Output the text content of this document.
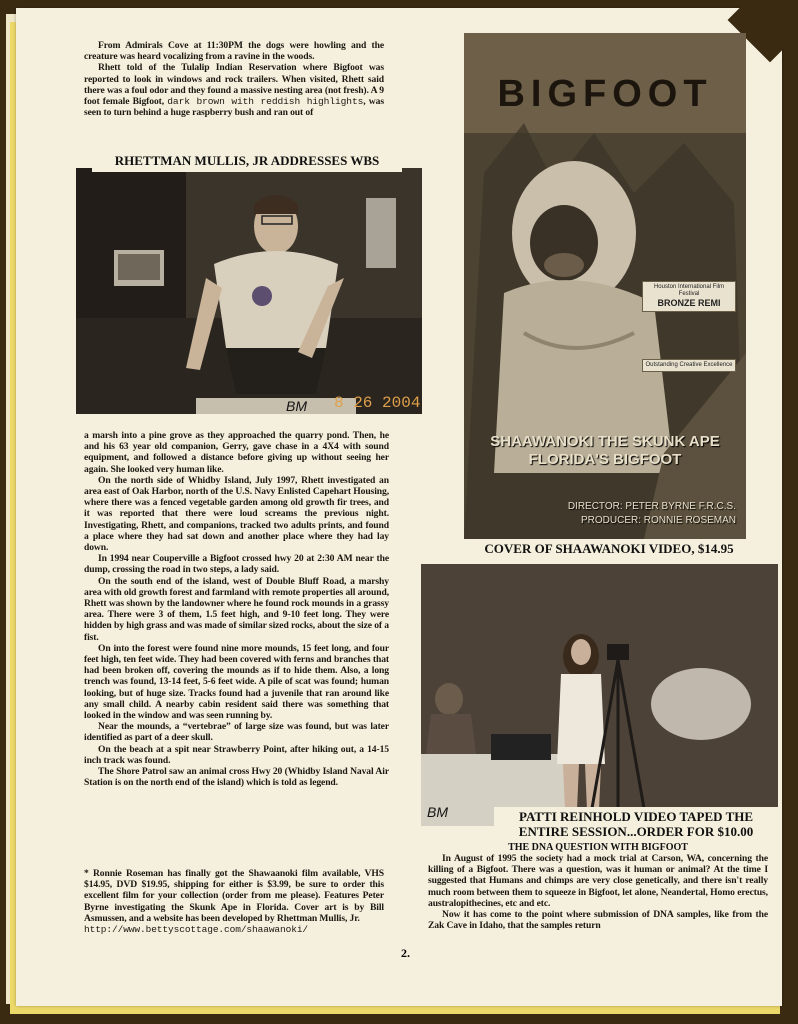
From Admirals Cove at 11:30PM the dogs were howling and the creature was heard vocalizing from a ravine in the woods.

Rhett told of the Tulalip Indian Reservation where Bigfoot was reported to look in windows and rock trailers. When visited, Rhett said there was a foul odor and they found a massive nesting area (not fresh). A 9 foot female Bigfoot, dark brown with reddish highlights, was seen to turn behind a huge raspberry bush and ran out of

8 26 2004
BM
RHETTMAN MULLIS, JR ADDRESSES WBS

a marsh into a pine grove as they approached the quarry pond. Then, he and his 63 year old companion, Gerry, gave chase in a 4X4 with sound equipment, and followed a distance before giving up without seeing her again. She looked very human like.

On the north side of Whidby Island, July 1997, Rhett investigated an area east of Oak Harbor, north of the U.S. Navy Enlisted Capehart Housing, where there was a fenced vegetable garden among old growth fir trees, and it was reported that there were loud screams the previous night. Investigating, Rhett, and companions, tracked two adults prints, and found a place where they had sat down and another place where they had lay down.

In 1994 near Couperville a Bigfoot crossed hwy 20 at 2:30 AM near the dump, crossing the road in two steps, a lady said.

On the south end of the island, west of Double Bluff Road, a marshy area with old growth forest and farmland with remote properties all around, Rhett was shown by the landowner where he found rock mounds in a grassy area. There were 3 of them, 1.5 feet high, and 9-10 feet long. They were hidden by high grass and was made of similar sized rocks, about the size of a fist.

On into the forest were found nine more mounds, 15 feet long, and four feet high, ten feet wide. They had been covered with ferns and branches that had been broken off, covering the mounds as if to hide them. Also, a long trench was found, 13-14 feet, 5-6 feet wide. A pile of scat was found; human looking, but of huge size. Tracks found had a juvenile that ran around like any small child. A nearby cabin resident said there was something that looked in the window and was seen running by.

Near the mounds, a “vertebrae” of large size was found, but was later identified as part of a deer skull.

On the beach at a spit near Strawberry Point, after hiking out, a 14-15 inch track was found.

The Shore Patrol saw an animal cross Hwy 20 (Whidby Island Naval Air Station is on the north end of the island) which is told as legend.

* Ronnie Roseman has finally got the Shawaanoki film available, VHS $14.95, DVD $19.95, shipping for either is $3.99, be sure to order this excellent film for your collection (order from me please). Features Peter Byrne investigating the Skunk Ape in Florida. Cover art is by Bill Asmussen, and a website has been developed by Rhettman Mullis, Jr.

http://www.bettyscottage.com/shaawanoki/

2.
BIGFOOT
Houston International Film Festival
BRONZE REMI
Outstanding Creative Excellence
SHAAWANOKI THE SKUNK APE FLORIDA'S BIGFOOT
DIRECTOR: PETER BYRNE F.R.C.S.
PRODUCER: RONNIE ROSEMAN
COVER OF SHAAWANOKI VIDEO, $14.95
BM	PATTI REINHOLD VIDEO TAPED THE ENTIRE SESSION...ORDER FOR $10.00
THE DNA QUESTION WITH BIGFOOT

In August of 1995 the society had a mock trial at Carson, WA, concerning the killing of a Bigfoot. There was a question, was it human or animal? At the time I suggested that Humans and chimps are very close genetically, and there isn't really much room between them to squeeze in Bigfoot, let alone, Neandertal, Homo erectus, australopithecines, etc and etc.

Now it has come to the point where submission of DNA samples, like from the Zak Cave in Idaho, that the samples return
